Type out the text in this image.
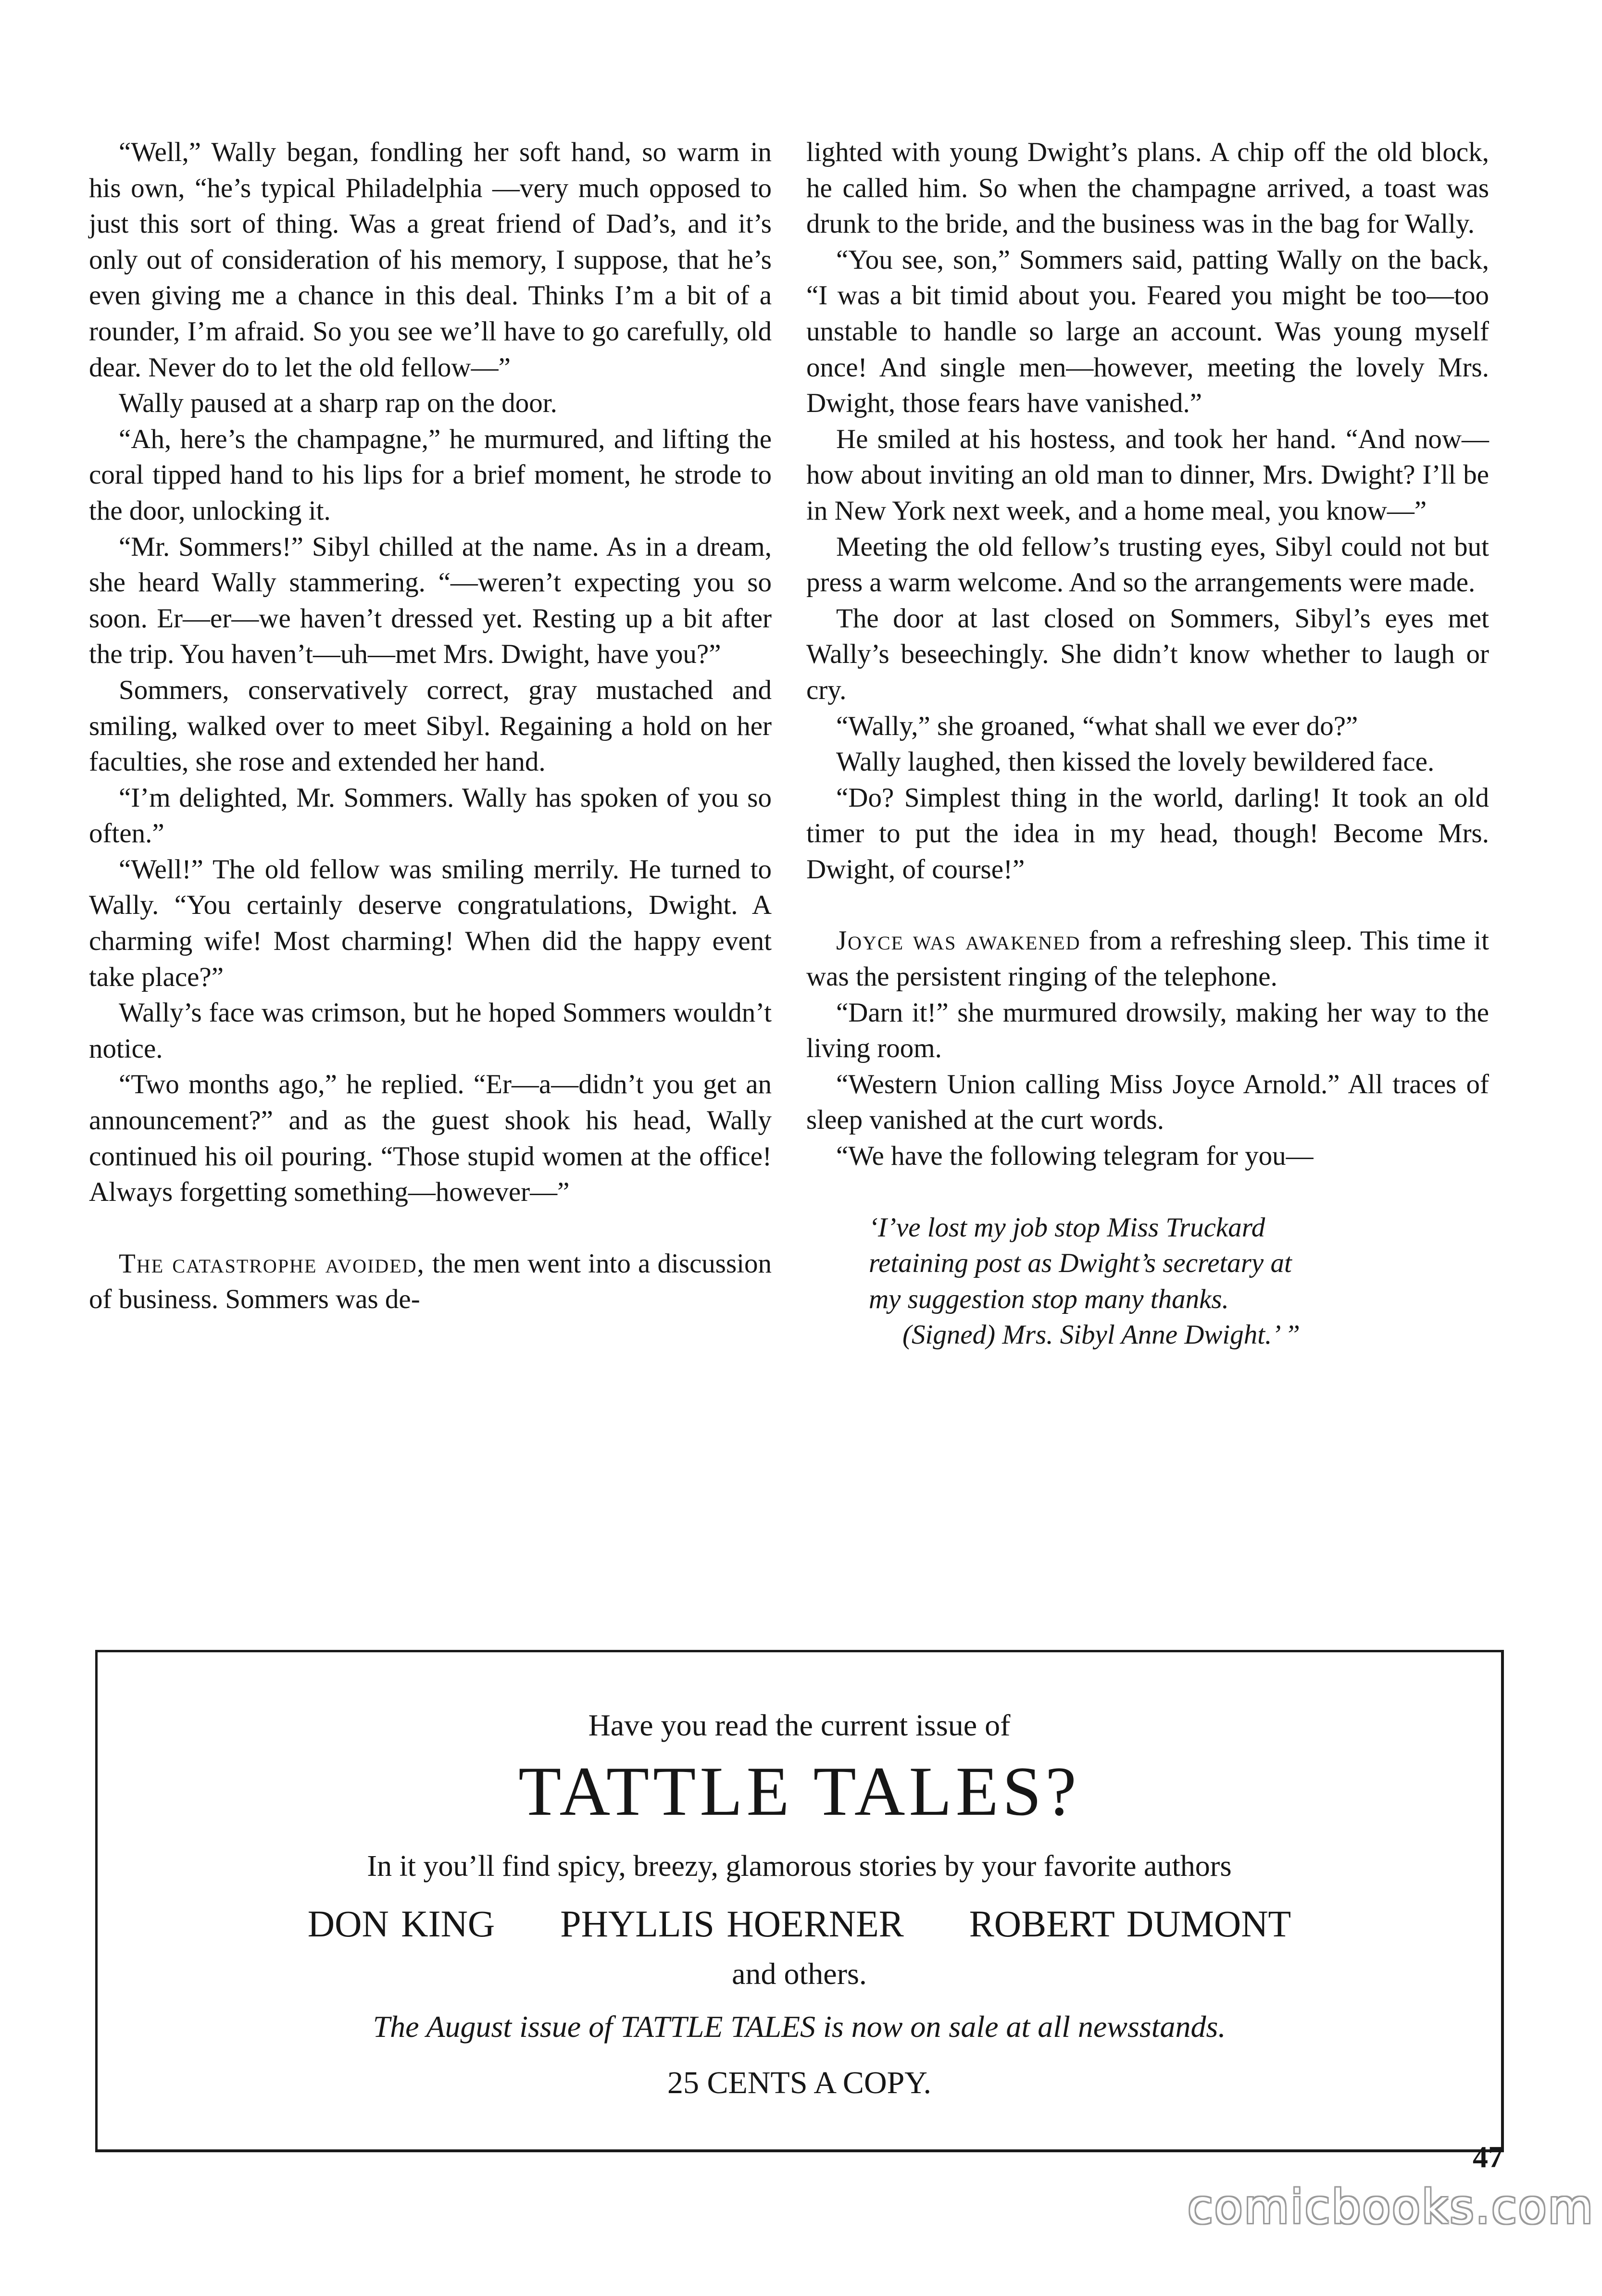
“Well,” Wally began, fondling her soft hand, so warm in his own, “he’s typical Philadelphia —very much opposed to just this sort of thing. Was a great friend of Dad’s, and it’s only out of consideration of his memory, I suppose, that he’s even giving me a chance in this deal. Thinks I’m a bit of a rounder, I’m afraid. So you see we’ll have to go carefully, old dear. Never do to let the old fellow—”

Wally paused at a sharp rap on the door.

“Ah, here’s the champagne,” he murmured, and lifting the coral tipped hand to his lips for a brief moment, he strode to the door, unlocking it.

“Mr. Sommers!” Sibyl chilled at the name. As in a dream, she heard Wally stammering. “—weren’t expecting you so soon. Er—er—we haven’t dressed yet. Resting up a bit after the trip. You haven’t—uh—met Mrs. Dwight, have you?”

Sommers, conservatively correct, gray mustached and smiling, walked over to meet Sibyl. Regaining a hold on her faculties, she rose and extended her hand.

“I’m delighted, Mr. Sommers. Wally has spoken of you so often.”

“Well!” The old fellow was smiling merrily. He turned to Wally. “You certainly deserve congratulations, Dwight. A charming wife! Most charming! When did the happy event take place?”

Wally’s face was crimson, but he hoped Sommers wouldn’t notice.

“Two months ago,” he replied. “Er—a—didn’t you get an announcement?” and as the guest shook his head, Wally continued his oil pouring. “Those stupid women at the office! Always forgetting something—however—”

The catastrophe avoided, the men went into a discussion of business. Sommers was de-

lighted with young Dwight’s plans. A chip off the old block, he called him. So when the champagne arrived, a toast was drunk to the bride, and the business was in the bag for Wally.

“You see, son,” Sommers said, patting Wally on the back, “I was a bit timid about you. Feared you might be too—too unstable to handle so large an account. Was young myself once! And single men—however, meeting the lovely Mrs. Dwight, those fears have vanished.”

He smiled at his hostess, and took her hand. “And now—how about inviting an old man to dinner, Mrs. Dwight? I’ll be in New York next week, and a home meal, you know—”

Meeting the old fellow’s trusting eyes, Sibyl could not but press a warm welcome. And so the arrangements were made.

The door at last closed on Sommers, Sibyl’s eyes met Wally’s beseechingly. She didn’t know whether to laugh or cry.

“Wally,” she groaned, “what shall we ever do?”

Wally laughed, then kissed the lovely bewildered face.

“Do? Simplest thing in the world, darling! It took an old timer to put the idea in my head, though! Become Mrs. Dwight, of course!”

Joyce was awakened from a refreshing sleep. This time it was the persistent ringing of the telephone.

“Darn it!” she murmured drowsily, making her way to the living room.

“Western Union calling Miss Joyce Arnold.” All traces of sleep vanished at the curt words.

“We have the following telegram for you—

‘I’ve lost my job stop Miss Truckard
retaining post as Dwight’s secretary at
my suggestion stop many thanks.
(Signed) Mrs. Sibyl Anne Dwight.’ ”
Have you read the current issue of
TATTLE TALES?
In it you’ll find spicy, breezy, glamorous stories by your favorite authors
DON KING PHYLLIS HOERNER ROBERT DUMONT
and others.
The August issue of TATTLE TALES is now on sale at all newsstands.
25 CENTS A COPY.
47
comicbooks.com
